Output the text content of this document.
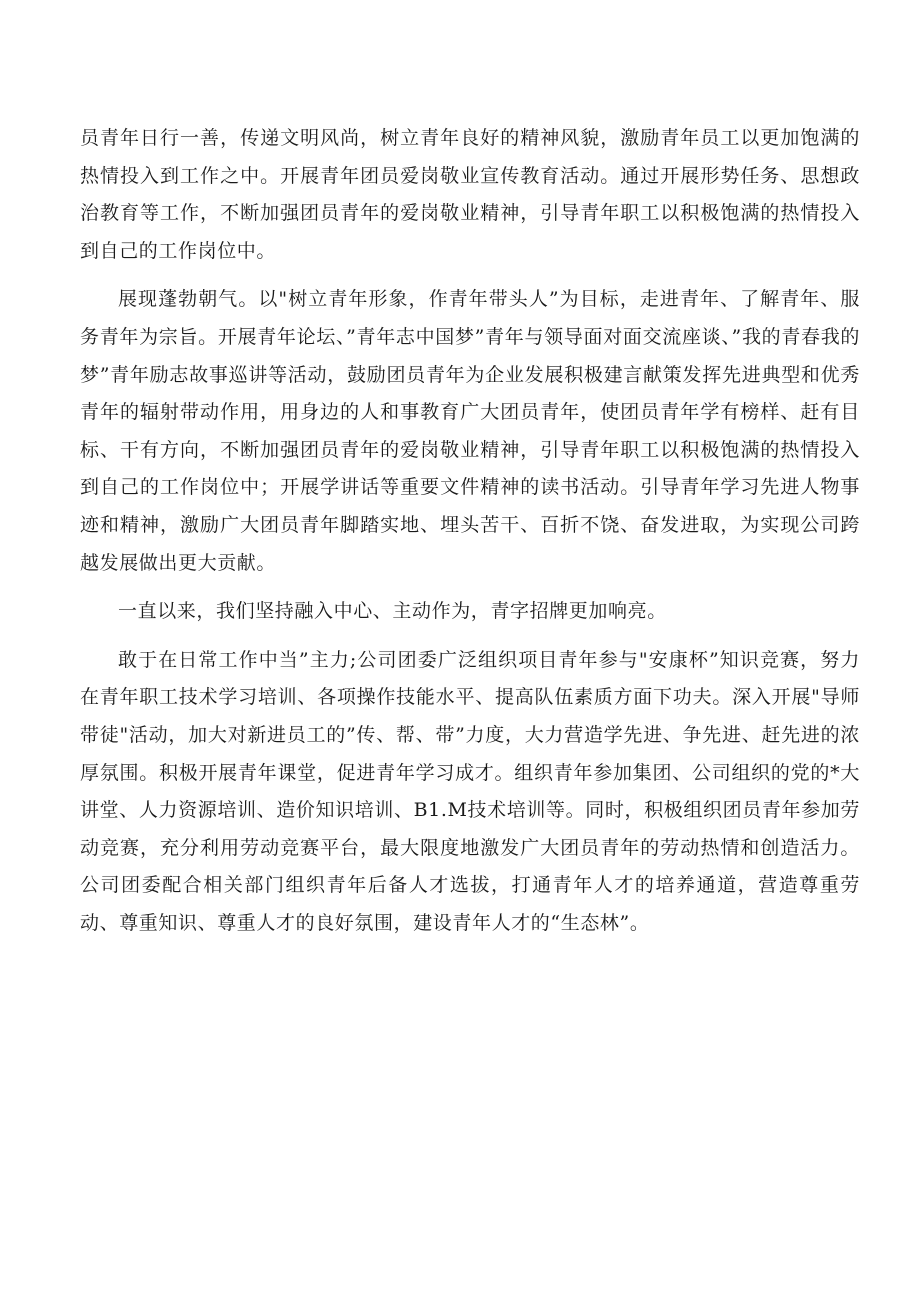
员青年日行一善，传递文明风尚，树立青年良好的精神风貌，激励青年员工以更加饱满的热情投入到工作之中。开展青年团员爱岗敬业宣传教育活动。通过开展形势任务、思想政治教育等工作，不断加强团员青年的爱岗敬业精神，引导青年职工以积极饱满的热情投入到自己的工作岗位中。

展现蓬勃朝气。以"树立青年形象，作青年带头人”为目标，走进青年、了解青年、服务青年为宗旨。开展青年论坛、”青年志中国梦”青年与领导面对面交流座谈、”我的青春我的梦”青年励志故事巡讲等活动，鼓励团员青年为企业发展积极建言献策发挥先进典型和优秀青年的辐射带动作用，用身边的人和事教育广大团员青年，使团员青年学有榜样、赶有目标、干有方向，不断加强团员青年的爱岗敬业精神，引导青年职工以积极饱满的热情投入到自己的工作岗位中；开展学讲话等重要文件精神的读书活动。引导青年学习先进人物事迹和精神，激励广大团员青年脚踏实地、埋头苦干、百折不饶、奋发进取，为实现公司跨越发展做出更大贡献。

一直以来，我们坚持融入中心、主动作为，青字招牌更加响亮。

敢于在日常工作中当”主力;公司团委广泛组织项目青年参与"安康杯”知识竞赛，努力在青年职工技术学习培训、各项操作技能水平、提高队伍素质方面下功夫。深入开展"导师带徒"活动，加大对新进员工的”传、帮、带”力度，大力营造学先进、争先进、赶先进的浓厚氛围。积极开展青年课堂，促进青年学习成才。组织青年参加集团、公司组织的党的*大讲堂、人力资源培训、造价知识培训、B1.M技术培训等。同时，积极组织团员青年参加劳动竞赛，充分利用劳动竞赛平台，最大限度地激发广大团员青年的劳动热情和创造活力。公司团委配合相关部门组织青年后备人才选拔，打通青年人才的培养通道，营造尊重劳动、尊重知识、尊重人才的良好氛围，建设青年人才的“生态林”。
